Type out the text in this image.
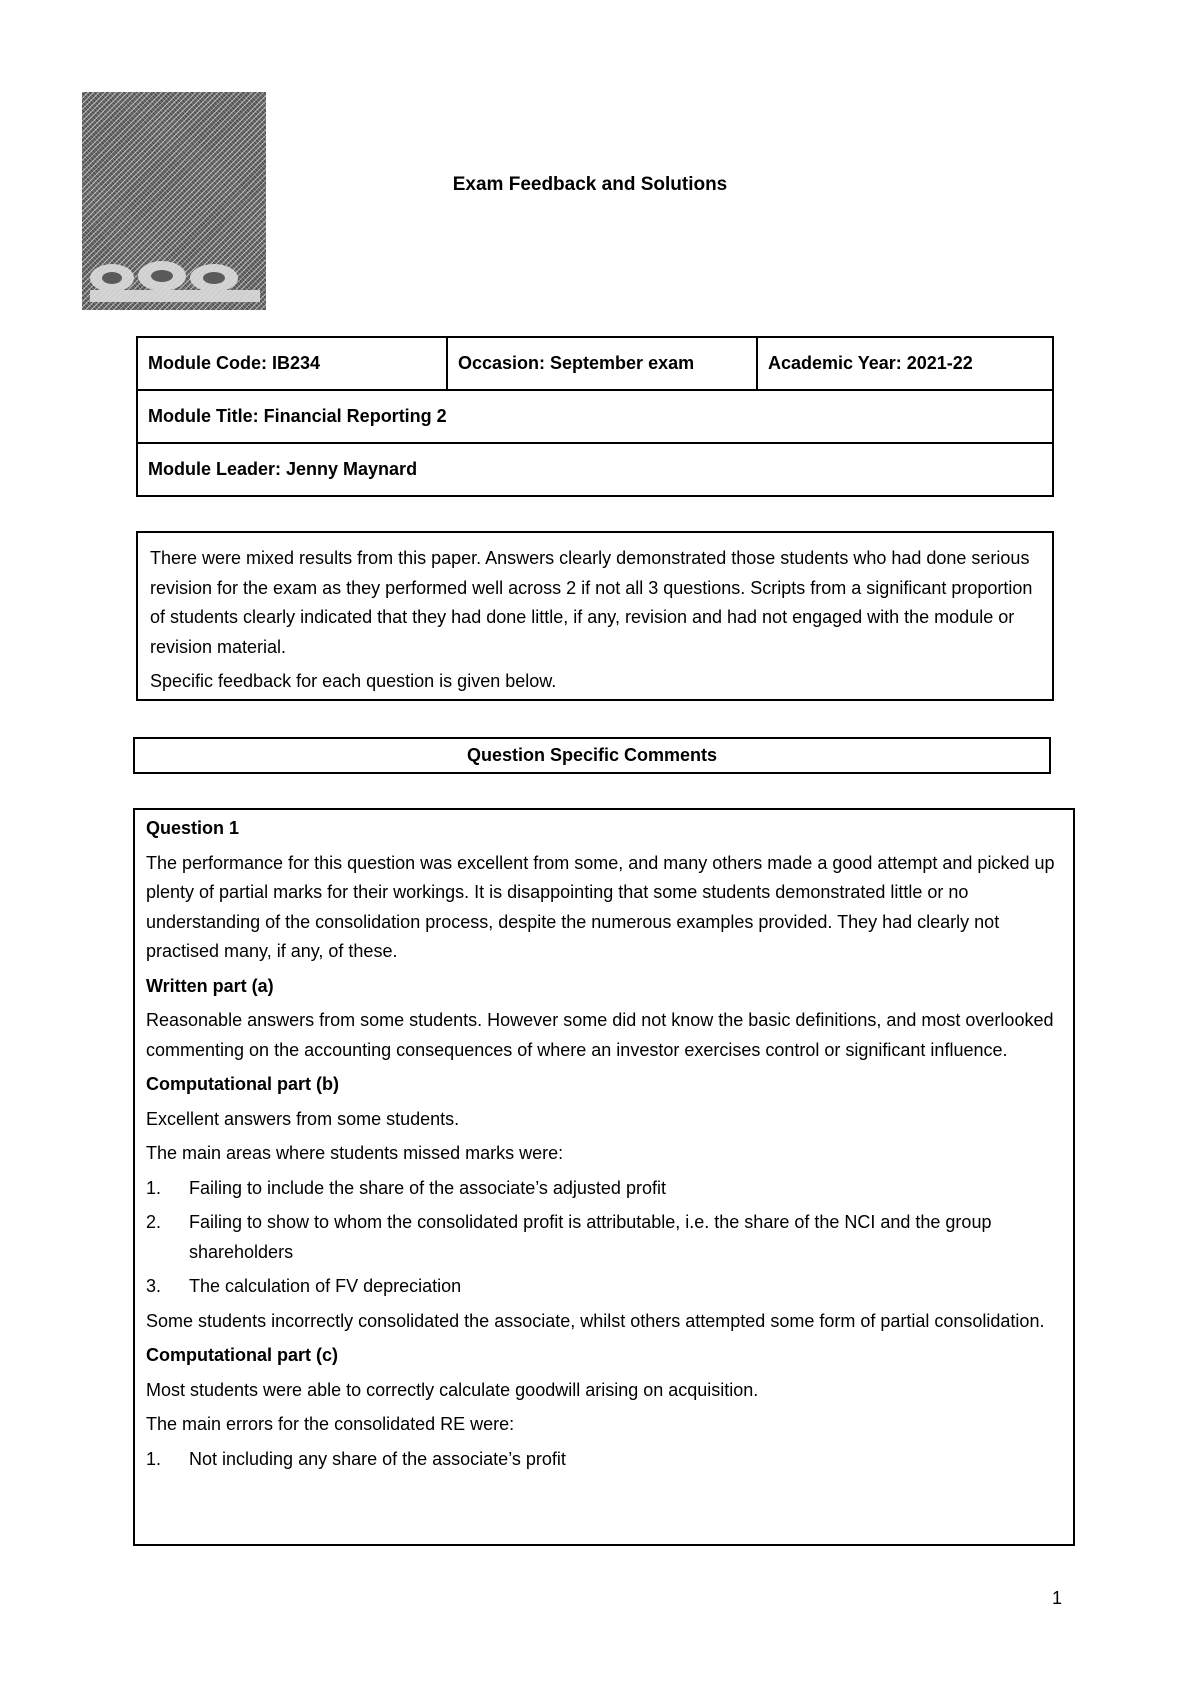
Exam Feedback and Solutions
Module Code: IB234	Occasion: September exam	Academic Year: 2021-22
Module Title: Financial Reporting 2
Module Leader: Jenny Maynard

There were mixed results from this paper. Answers clearly demonstrated those students who had done serious revision for the exam as they performed well across 2 if not all 3 questions. Scripts from a significant proportion of students clearly indicated that they had done little, if any, revision and had not engaged with the module or revision material.

Specific feedback for each question is given below.

Question Specific Comments

Question 1

The performance for this question was excellent from some, and many others made a good attempt and picked up plenty of partial marks for their workings. It is disappointing that some students demonstrated little or no understanding of the consolidation process, despite the numerous examples provided. They had clearly not practised many, if any, of these.

Written part (a)

Reasonable answers from some students. However some did not know the basic definitions, and most overlooked commenting on the accounting consequences of where an investor exercises control or significant influence.

Computational part (b)

Excellent answers from some students.

The main areas where students missed marks were:

1. Failing to include the share of the associate’s adjusted profit
2. Failing to show to whom the consolidated profit is attributable, i.e. the share of the NCI and the group shareholders
3. The calculation of FV depreciation

Some students incorrectly consolidated the associate, whilst others attempted some form of partial consolidation.

Computational part (c)

Most students were able to correctly calculate goodwill arising on acquisition.

The main errors for the consolidated RE were:

1. Not including any share of the associate’s profit
1
